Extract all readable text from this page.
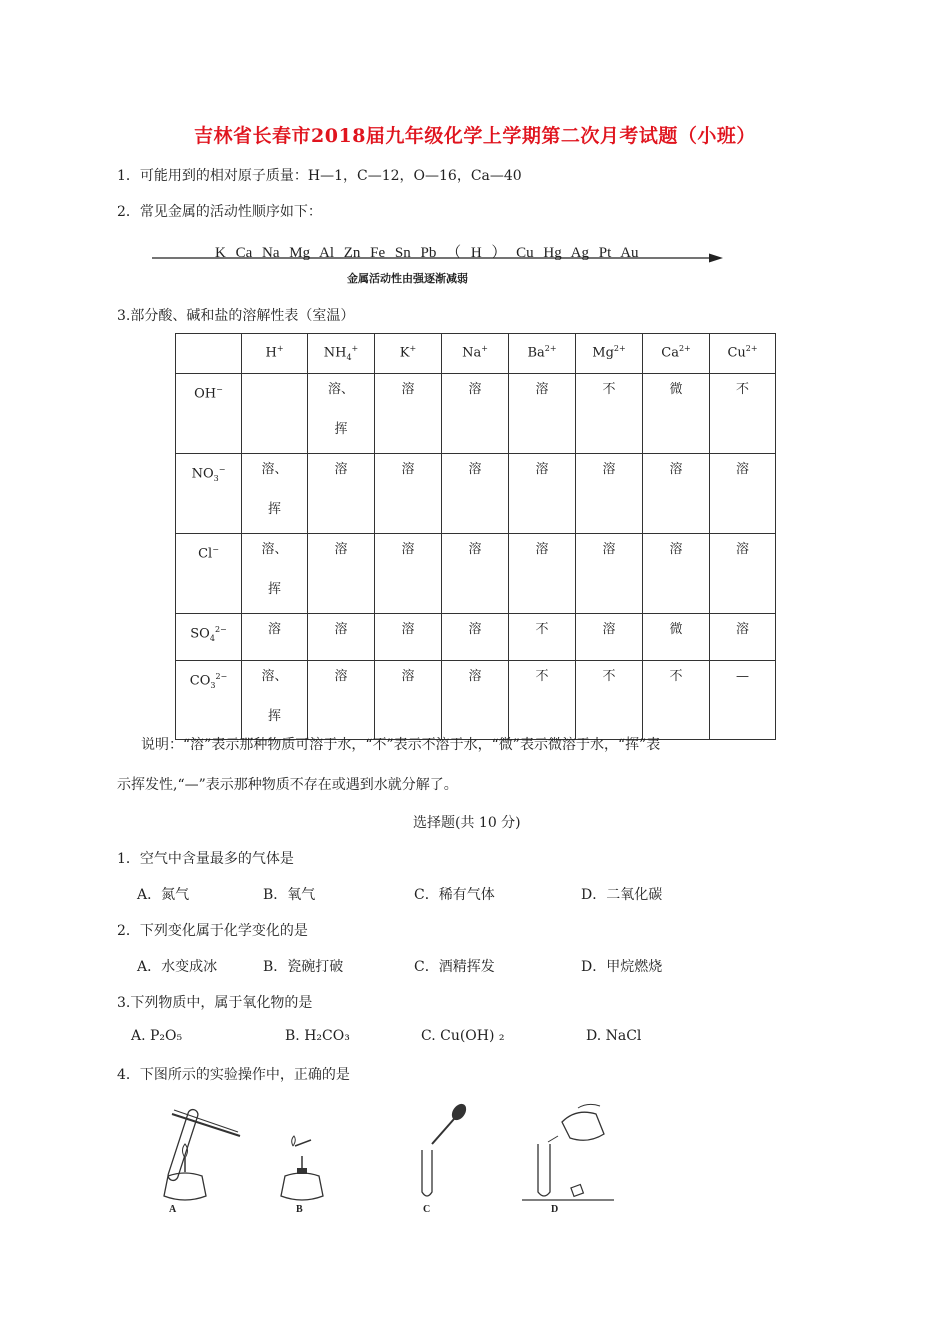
吉林省长春市2018届九年级化学上学期第二次月考试题（小班）
1．可能用到的相对原子质量：H—1，C—12，O—16，Ca—40
2．常见金属的活动性顺序如下：
K Ca Na Mg Al Zn Fe Sn Pb （ H ） Cu Hg Ag Pt Au
金属活动性由强逐渐减弱
3.部分酸、碱和盐的溶解性表（室温）

	H+	$NH_4^+$	K+	Na+	$Ba^{2+}$	$Mg^{2+}$	$Ca^{2+}$	$Cu^{2+}$

OH−		溶、
挥	溶	溶	溶	不	微	不

$NO_3^-$	溶、
挥	溶	溶	溶	溶	溶	溶	溶

Cl−	溶、
挥	溶	溶	溶	溶	溶	溶	溶

$SO_4^{2-}$	溶	溶	溶	溶	不	溶	微	溶

$CO_3^{2-}$	溶、
挥	溶	溶	溶	不	不	不	—
说明：“溶”表示那种物质可溶于水，“不”表示不溶于水，“微”表示微溶于水，“挥”表
示挥发性,“—”表示那种物质不存在或遇到水就分解了。
选择题(共 10 分)
1．空气中含量最多的气体是
A．氮气	B．氧气	C．稀有气体	D．二氧化碳
2．下列变化属于化学变化的是
A．水变成冰	B．瓷碗打破	C．酒精挥发	D．甲烷燃烧
3.下列物质中，属于氧化物的是
A. P₂O₅	B. H₂CO₃	C. Cu(OH) ₂	D. NaCl
4．下图所示的实验操作中，正确的是
A	B	C	D
